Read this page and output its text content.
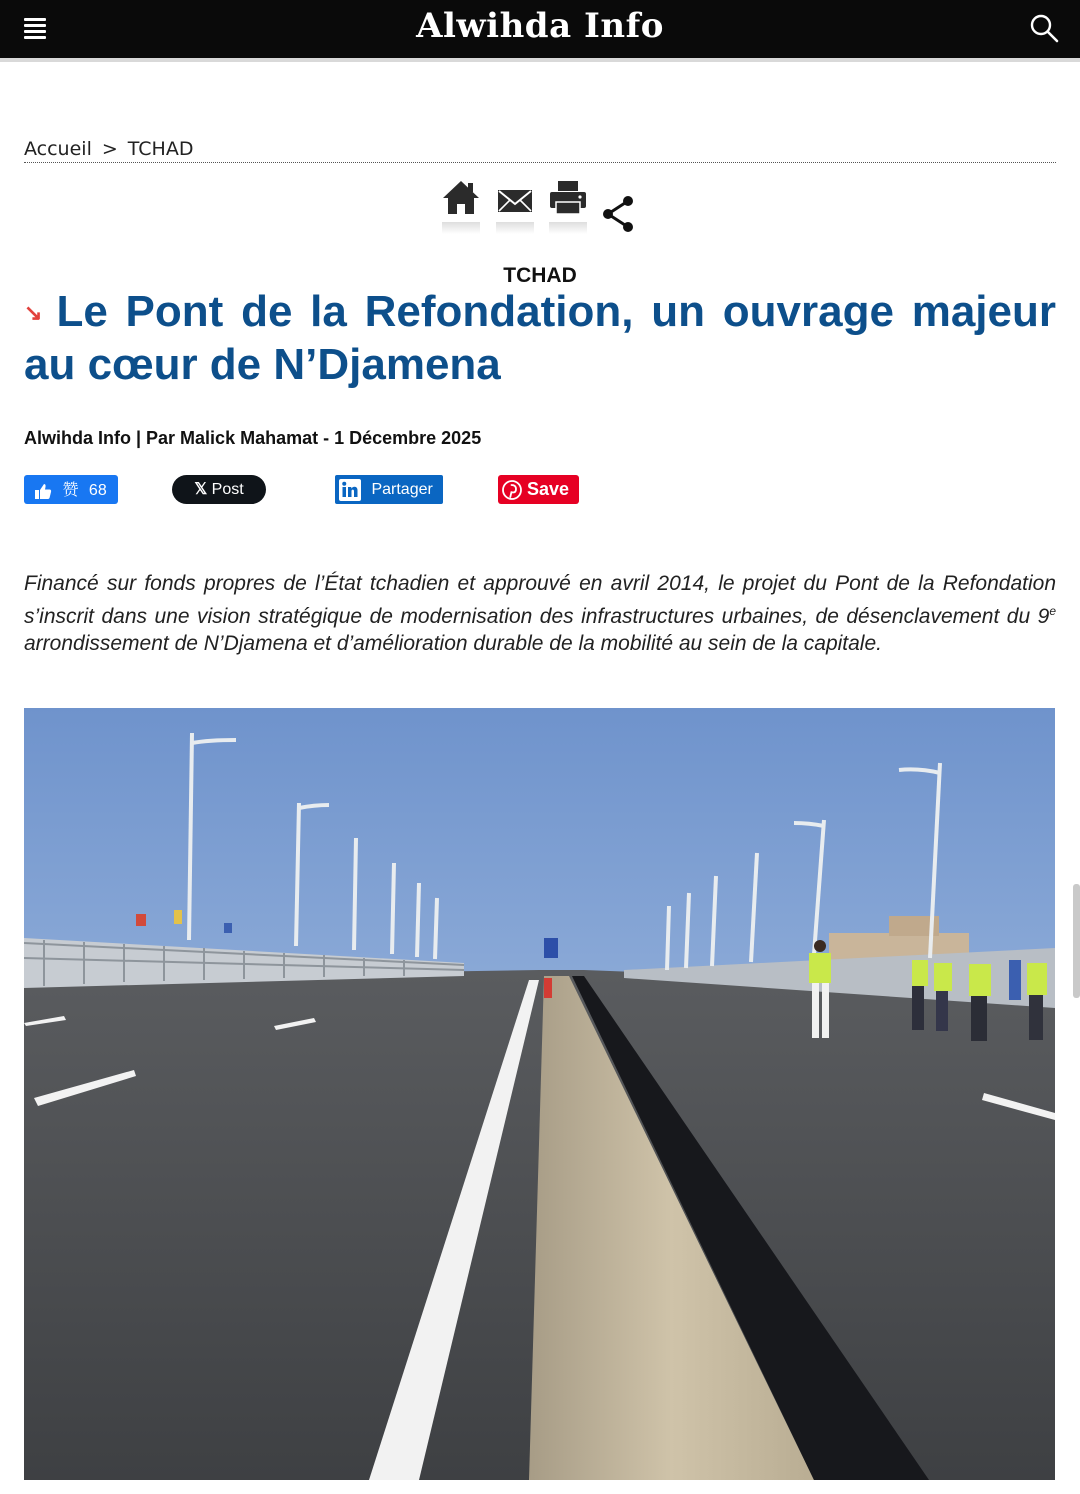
Alwihda Info
Accueil > TCHAD
TCHAD
↘ Le Pont de la Refondation, un ouvrage majeur au cœur de N’Djamena
Alwihda Info | Par Malick Mahamat - 1 Décembre 2025
赞 68	𝕏 Post	Partager	Save

Financé sur fonds propres de l’État tchadien et approuvé en avril 2014, le projet du Pont de la Refondation s’inscrit dans une vision stratégique de modernisation des infrastructures urbaines, de désenclavement du 9e arrondissement de N’Djamena et d’amélioration durable de la mobilité au sein de la capitale.
